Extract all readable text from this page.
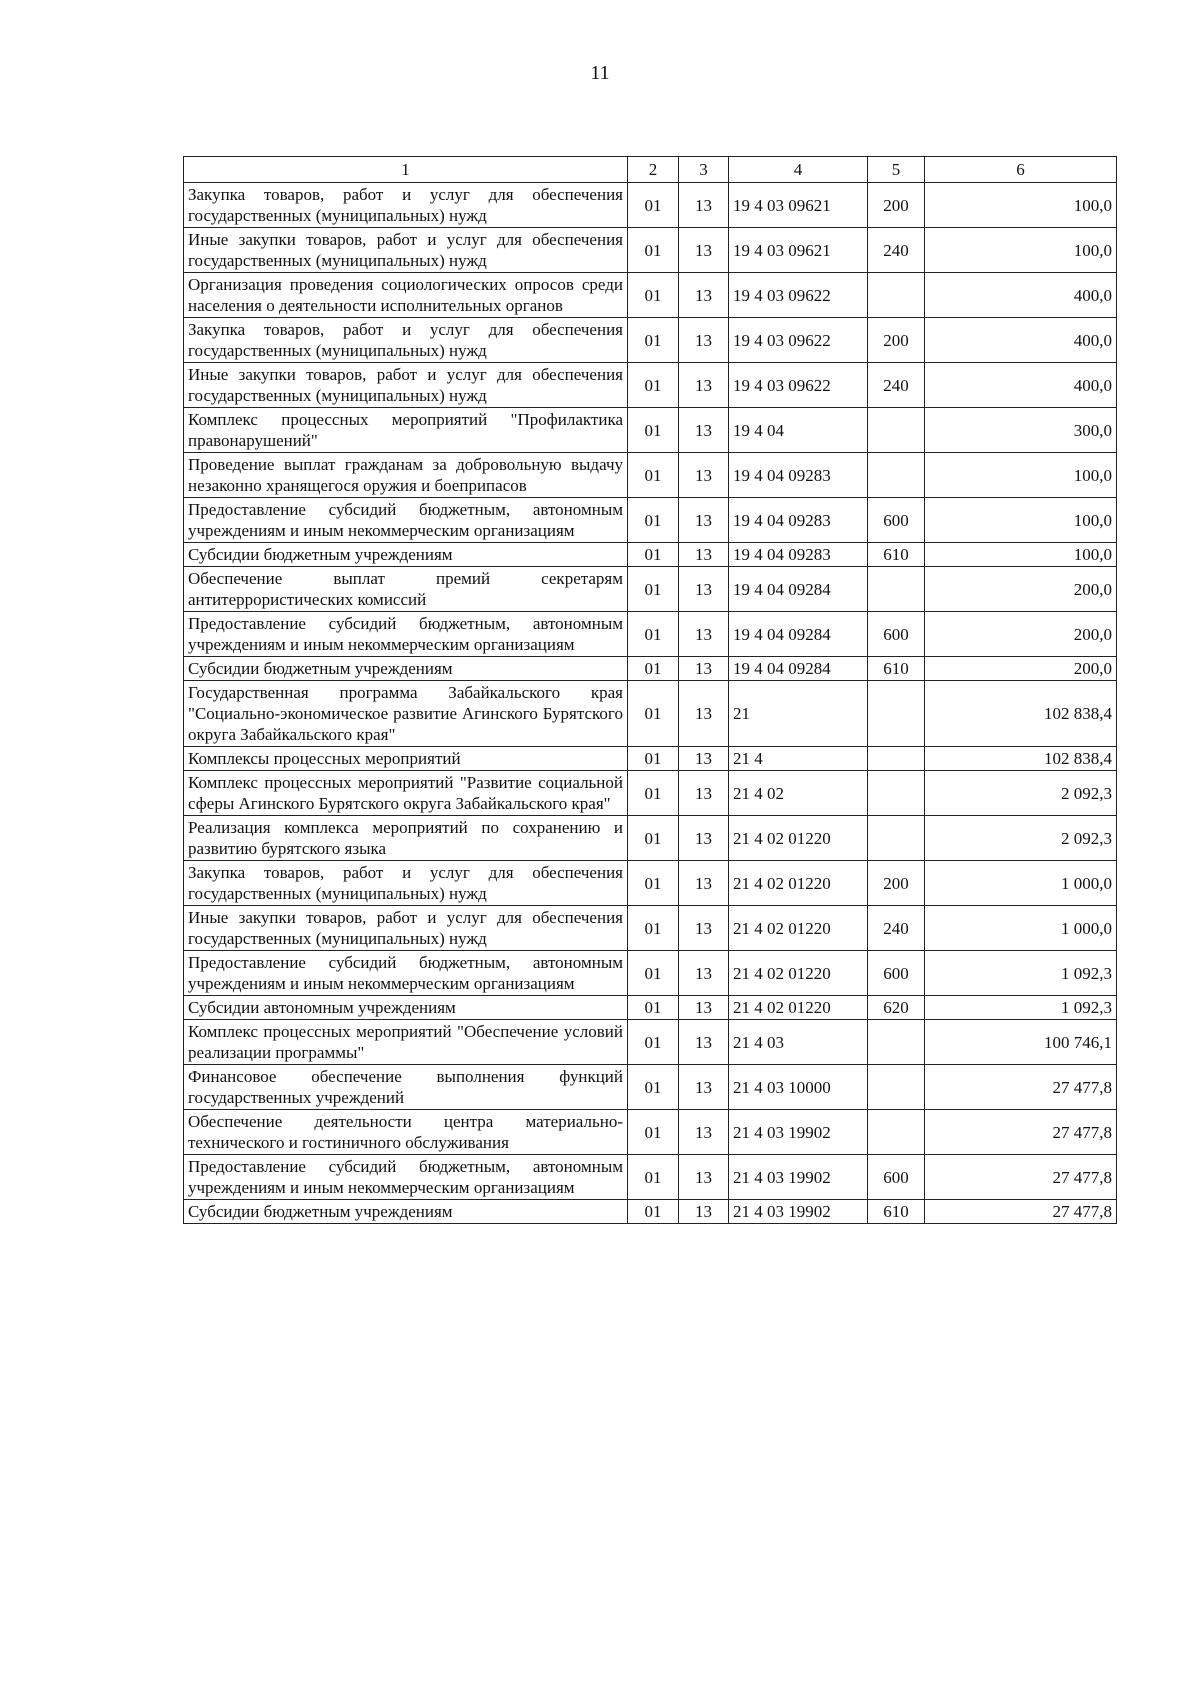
11
1	2	3	4	5	6
Закупка товаров, работ и услуг для обеспечения государственных (муниципальных) нужд	01	13	19 4 03 09621	200	100,0
Иные закупки товаров, работ и услуг для обеспечения государственных (муниципальных) нужд	01	13	19 4 03 09621	240	100,0
Организация проведения социологических опросов среди населения о деятельности исполнительных органов	01	13	19 4 03 09622		400,0
Закупка товаров, работ и услуг для обеспечения государственных (муниципальных) нужд	01	13	19 4 03 09622	200	400,0
Иные закупки товаров, работ и услуг для обеспечения государственных (муниципальных) нужд	01	13	19 4 03 09622	240	400,0
Комплекс процессных мероприятий "Профилактика правонарушений"	01	13	19 4 04		300,0
Проведение выплат гражданам за добровольную выдачу незаконно хранящегося оружия и боеприпасов	01	13	19 4 04 09283		100,0
Предоставление субсидий бюджетным, автономным учреждениям и иным некоммерческим организациям	01	13	19 4 04 09283	600	100,0
Субсидии бюджетным учреждениям	01	13	19 4 04 09283	610	100,0
Обеспечение выплат премий секретарям антитеррористических комиссий	01	13	19 4 04 09284		200,0
Предоставление субсидий бюджетным, автономным учреждениям и иным некоммерческим организациям	01	13	19 4 04 09284	600	200,0
Субсидии бюджетным учреждениям	01	13	19 4 04 09284	610	200,0
Государственная программа Забайкальского края "Социально-экономическое развитие Агинского Бурятского округа Забайкальского края"	01	13	21		102 838,4
Комплексы процессных мероприятий	01	13	21 4		102 838,4
Комплекс процессных мероприятий "Развитие социальной сферы Агинского Бурятского округа Забайкальского края"	01	13	21 4 02		2 092,3
Реализация комплекса мероприятий по сохранению и развитию бурятского языка	01	13	21 4 02 01220		2 092,3
Закупка товаров, работ и услуг для обеспечения государственных (муниципальных) нужд	01	13	21 4 02 01220	200	1 000,0
Иные закупки товаров, работ и услуг для обеспечения государственных (муниципальных) нужд	01	13	21 4 02 01220	240	1 000,0
Предоставление субсидий бюджетным, автономным учреждениям и иным некоммерческим организациям	01	13	21 4 02 01220	600	1 092,3
Субсидии автономным учреждениям	01	13	21 4 02 01220	620	1 092,3
Комплекс процессных мероприятий "Обеспечение условий реализации программы"	01	13	21 4 03		100 746,1
Финансовое обеспечение выполнения функций государственных учреждений	01	13	21 4 03 10000		27 477,8
Обеспечение деятельности центра материально-технического и гостиничного обслуживания	01	13	21 4 03 19902		27 477,8
Предоставление субсидий бюджетным, автономным учреждениям и иным некоммерческим организациям	01	13	21 4 03 19902	600	27 477,8
Субсидии бюджетным учреждениям	01	13	21 4 03 19902	610	27 477,8
